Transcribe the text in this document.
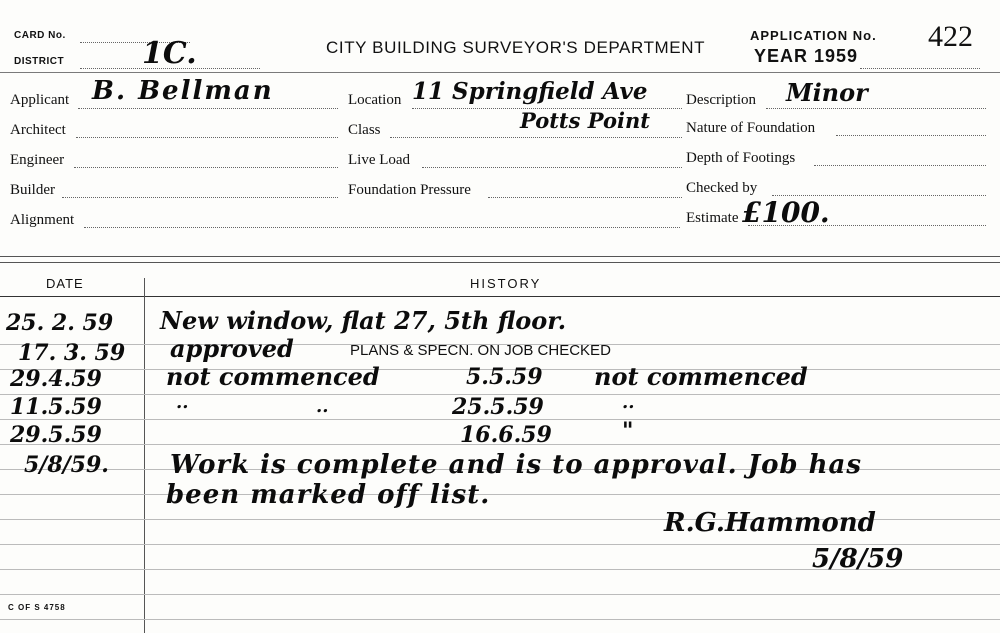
CARD No.
DISTRICT	1C.	CITY BUILDING SURVEYOR'S DEPARTMENT
APPLICATION No. 422
YEAR 1959
Applicant B. Bellman
Architect
Engineer
Builder
Alignment
Location 11 Springfield Ave
Potts Point
Class
Live Load
Foundation Pressure
Description Minor
Nature of Foundation
Depth of Footings
Checked by
Estimate £100.
DATE	HISTORY
25. 2. 59 New window, flat 27, 5th floor.
17. 3. 59 approved	PLANS & SPECN. ON JOB CHECKED
29.4.59	not commenced	5.5.59 not commenced
11.5.59	..	..	25.5.59	..
29.5.59	16.6.59	"
5/8/59. Work is complete and is to approval. Job has
been marked off list.
R.G.Hammond
5/8/59
C OF S 4758
